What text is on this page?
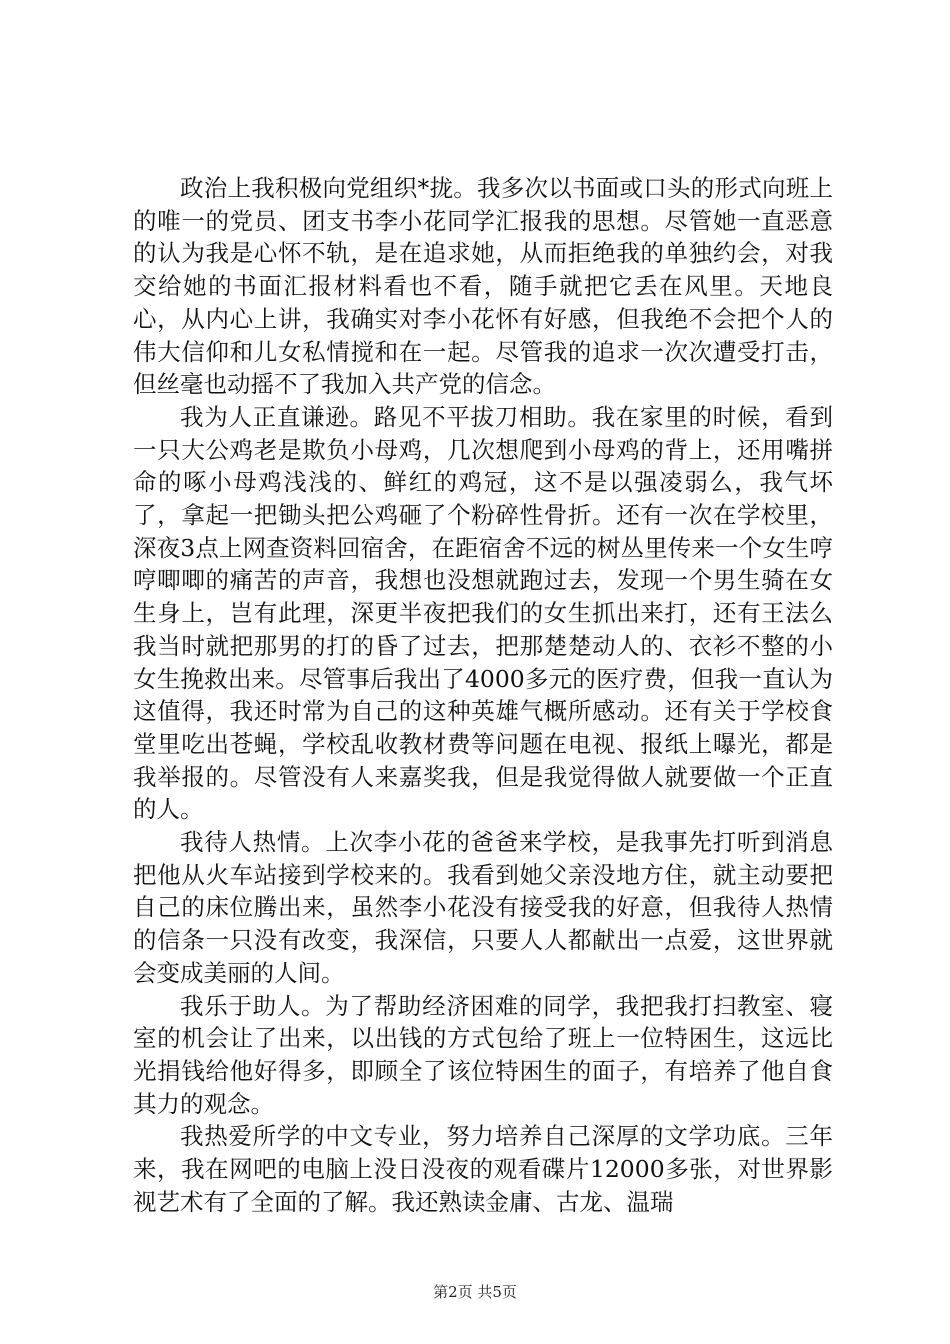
政治上我积极向党组织*拢。我多次以书面或口头的形式向班上的唯一的党员、团支书李小花同学汇报我的思想。尽管她一直恶意的认为我是心怀不轨，是在追求她，从而拒绝我的单独约会，对我交给她的书面汇报材料看也不看，随手就把它丢在风里。天地良心，从内心上讲，我确实对李小花怀有好感，但我绝不会把个人的伟大信仰和儿女私情搅和在一起。尽管我的追求一次次遭受打击，但丝毫也动摇不了我加入共产党的信念。

我为人正直谦逊。路见不平拔刀相助。我在家里的时候，看到一只大公鸡老是欺负小母鸡，几次想爬到小母鸡的背上，还用嘴拼命的啄小母鸡浅浅的、鲜红的鸡冠，这不是以强凌弱么，我气坏了，拿起一把锄头把公鸡砸了个粉碎性骨折。还有一次在学校里，深夜3点上网查资料回宿舍，在距宿舍不远的树丛里传来一个女生哼哼唧唧的痛苦的声音，我想也没想就跑过去，发现一个男生骑在女生身上，岂有此理，深更半夜把我们的女生抓出来打，还有王法么我当时就把那男的打的昏了过去，把那楚楚动人的、衣衫不整的小女生挽救出来。尽管事后我出了4000多元的医疗费，但我一直认为这值得，我还时常为自己的这种英雄气概所感动。还有关于学校食堂里吃出苍蝇，学校乱收教材费等问题在电视、报纸上曝光，都是我举报的。尽管没有人来嘉奖我，但是我觉得做人就要做一个正直的人。

我待人热情。上次李小花的爸爸来学校，是我事先打听到消息把他从火车站接到学校来的。我看到她父亲没地方住，就主动要把自己的床位腾出来，虽然李小花没有接受我的好意，但我待人热情的信条一只没有改变，我深信，只要人人都献出一点爱，这世界就会变成美丽的人间。

我乐于助人。为了帮助经济困难的同学，我把我打扫教室、寝室的机会让了出来，以出钱的方式包给了班上一位特困生，这远比光捐钱给他好得多，即顾全了该位特困生的面子，有培养了他自食其力的观念。

我热爱所学的中文专业，努力培养自己深厚的文学功底。三年来，我在网吧的电脑上没日没夜的观看碟片12000多张，对世界影视艺术有了全面的了解。我还熟读金庸、古龙、温瑞

第2页 共5页
